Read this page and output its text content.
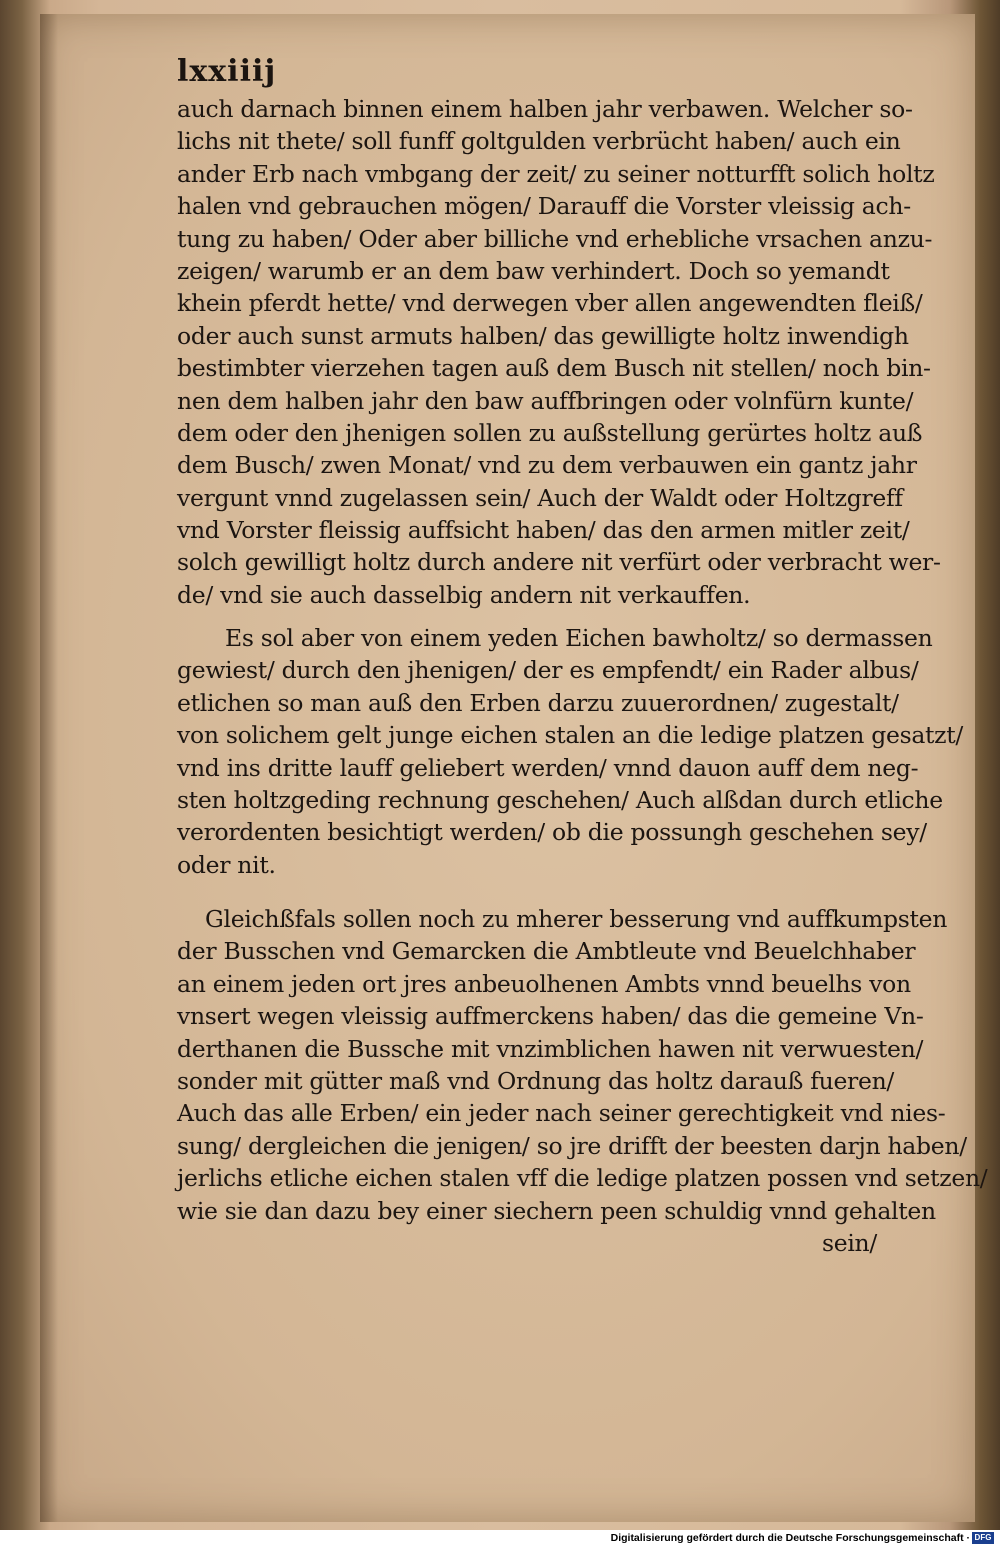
lxxiiij
auch darnach binnen einem halben jahr verbawen. Welcher so-
lichs nit thete/ soll funff goltgulden verbrücht haben/ auch ein
ander Erb nach vmbgang der zeit/ zu seiner notturfft solich holtz
halen vnd gebrauchen mögen/ Darauff die Vorster vleissig ach-
tung zu haben/ Oder aber billiche vnd erhebliche vrsachen anzu-
zeigen/ warumb er an dem baw verhindert. Doch so yemandt
khein pferdt hette/ vnd derwegen vber allen angewendten fleiß/
oder auch sunst armuts halben/ das gewilligte holtz inwendigh
bestimbter vierzehen tagen auß dem Busch nit stellen/ noch bin-
nen dem halben jahr den baw auffbringen oder volnfürn kunte/
dem oder den jhenigen sollen zu außstellung gerürtes holtz auß
dem Busch/ zwen Monat/ vnd zu dem verbauwen ein gantz jahr
vergunt vnnd zugelassen sein/ Auch der Waldt oder Holtzgreff
vnd Vorster fleissig auffsicht haben/ das den armen mitler zeit/
solch gewilligt holtz durch andere nit verfürt oder verbracht wer-
de/ vnd sie auch dasselbig andern nit verkauffen.
Es sol aber von einem yeden Eichen bawholtz/ so dermassen
gewiest/ durch den jhenigen/ der es empfendt/ ein Rader albus/
etlichen so man auß den Erben darzu zuuerordnen/ zugestalt/
von solichem gelt junge eichen stalen an die ledige platzen gesatzt/
vnd ins dritte lauff geliebert werden/ vnnd dauon auff dem neg-
sten holtzgeding rechnung geschehen/ Auch alßdan durch etliche
verordenten besichtigt werden/ ob die possungh geschehen sey/
oder nit.
Gleichßfals sollen noch zu mherer besserung vnd auffkumpsten
der Busschen vnd Gemarcken die Ambtleute vnd Beuelchhaber
an einem jeden ort jres anbeuolhenen Ambts vnnd beuelhs von
vnsert wegen vleissig auffmerckens haben/ das die gemeine Vn-
derthanen die Bussche mit vnzimblichen hawen nit verwuesten/
sonder mit gütter maß vnd Ordnung das holtz darauß fueren/
Auch das alle Erben/ ein jeder nach seiner gerechtigkeit vnd nies-
sung/ dergleichen die jenigen/ so jre drifft der beesten darjn haben/
jerlichs etliche eichen stalen vff die ledige platzen possen vnd setzen/
wie sie dan dazu bey einer siechern peen schuldig vnnd gehalten
sein/
Digitalisierung gefördert durch die Deutsche Forschungsgemeinschaft · DFG
